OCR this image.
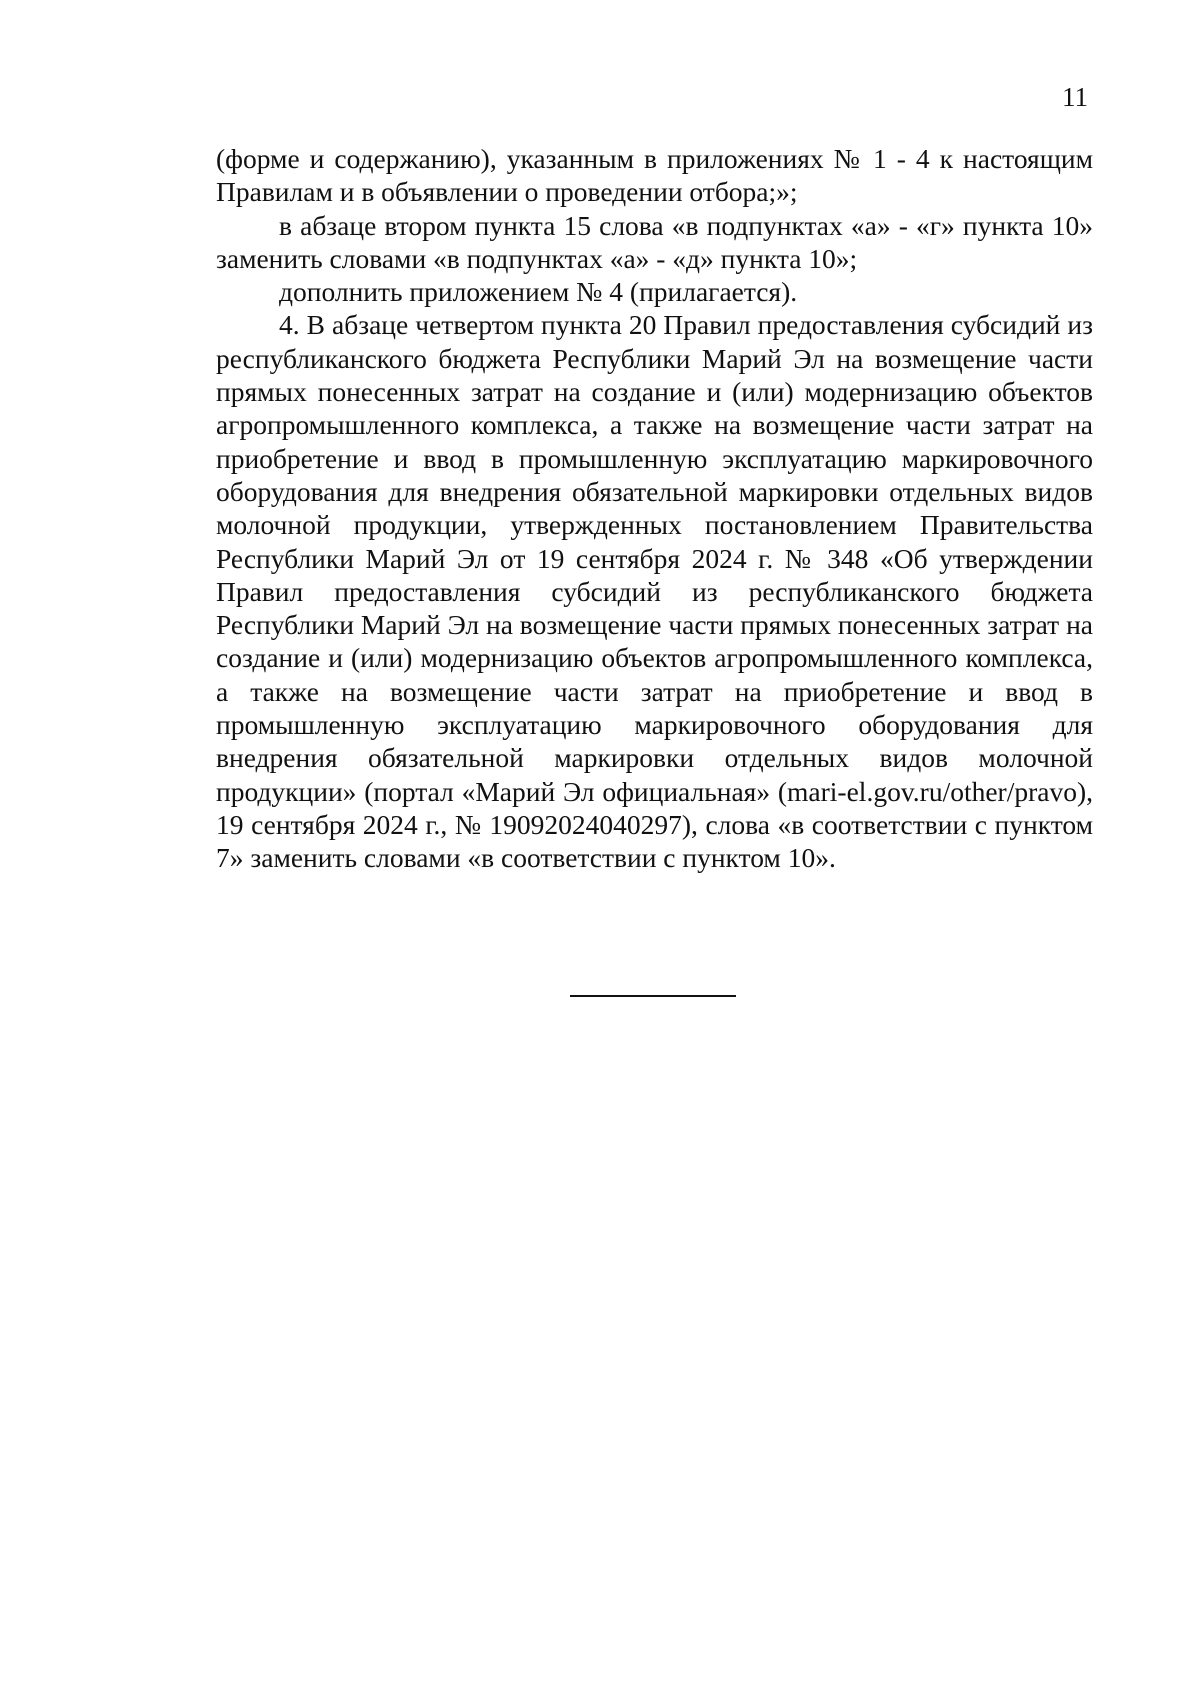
11

(форме и содержанию), указанным в приложениях № 1 - 4 к настоящим Правилам и в объявлении о проведении отбора;»;

в абзаце втором пункта 15 слова «в подпунктах «а» - «г» пункта 10» заменить словами «в подпунктах «а» - «д» пункта 10»;

дополнить приложением № 4 (прилагается).

4. В абзаце четвертом пункта 20 Правил предоставления субсидий из республиканского бюджета Республики Марий Эл на возмещение части прямых понесенных затрат на создание и (или) модернизацию объектов агропромышленного комплекса, а также на возмещение части затрат на приобретение и ввод в промышленную эксплуатацию маркировочного оборудования для внедрения обязательной маркировки отдельных видов молочной продукции, утвержденных постановлением Правительства Республики Марий Эл от 19 сентября 2024 г. № 348 «Об утверждении Правил предоставления субсидий из республиканского бюджета Республики Марий Эл на возмещение части прямых понесенных затрат на создание и (или) модернизацию объектов агропромышленного комплекса, а также на возмещение части затрат на приобретение и ввод в промышленную эксплуатацию маркировочного оборудования для внедрения обязательной маркировки отдельных видов молочной продукции» (портал «Марий Эл официальная» (mari-el.gov.ru/other/pravo), 19 сентября 2024 г., № 19092024040297), слова «в соответствии с пунктом 7» заменить словами «в соответствии с пунктом 10».
